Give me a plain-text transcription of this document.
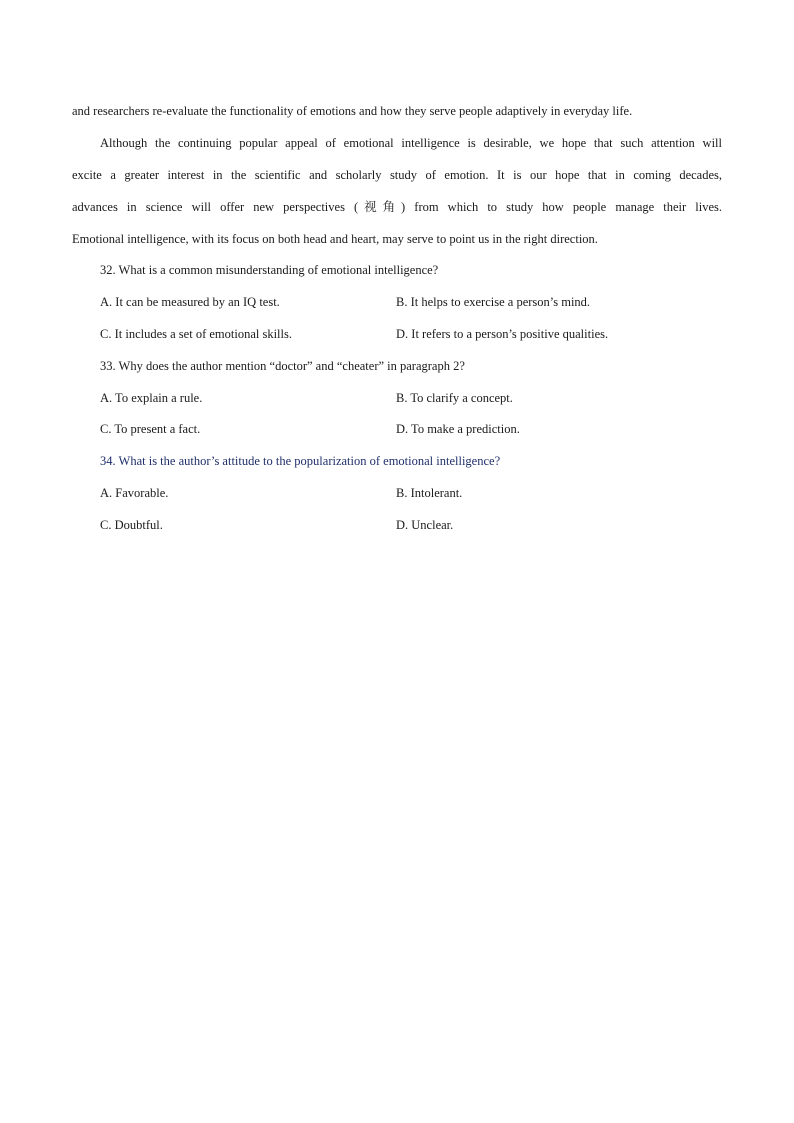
and researchers re-evaluate the functionality of emotions and how they serve people adaptively in everyday life.
Although the continuing popular appeal of emotional intelligence is desirable, we hope that such attention will
excite a greater interest in the scientific and scholarly study of emotion. It is our hope that in coming decades,
advances in science will offer new perspectives (视角) from which to study how people manage their lives.
Emotional intelligence, with its focus on both head and heart, may serve to point us in the right direction.
32. What is a common misunderstanding of emotional intelligence?
A. It can be measured by an IQ test.	B. It helps to exercise a person’s mind.
C. It includes a set of emotional skills.	D. It refers to a person’s positive qualities.
33. Why does the author mention “doctor” and “cheater” in paragraph 2?
A. To explain a rule.	B. To clarify a concept.
C. To present a fact.	D. To make a prediction.
34. What is the author’s attitude to the popularization of emotional intelligence?
A. Favorable.	B. Intolerant.
C. Doubtful.	D. Unclear.
